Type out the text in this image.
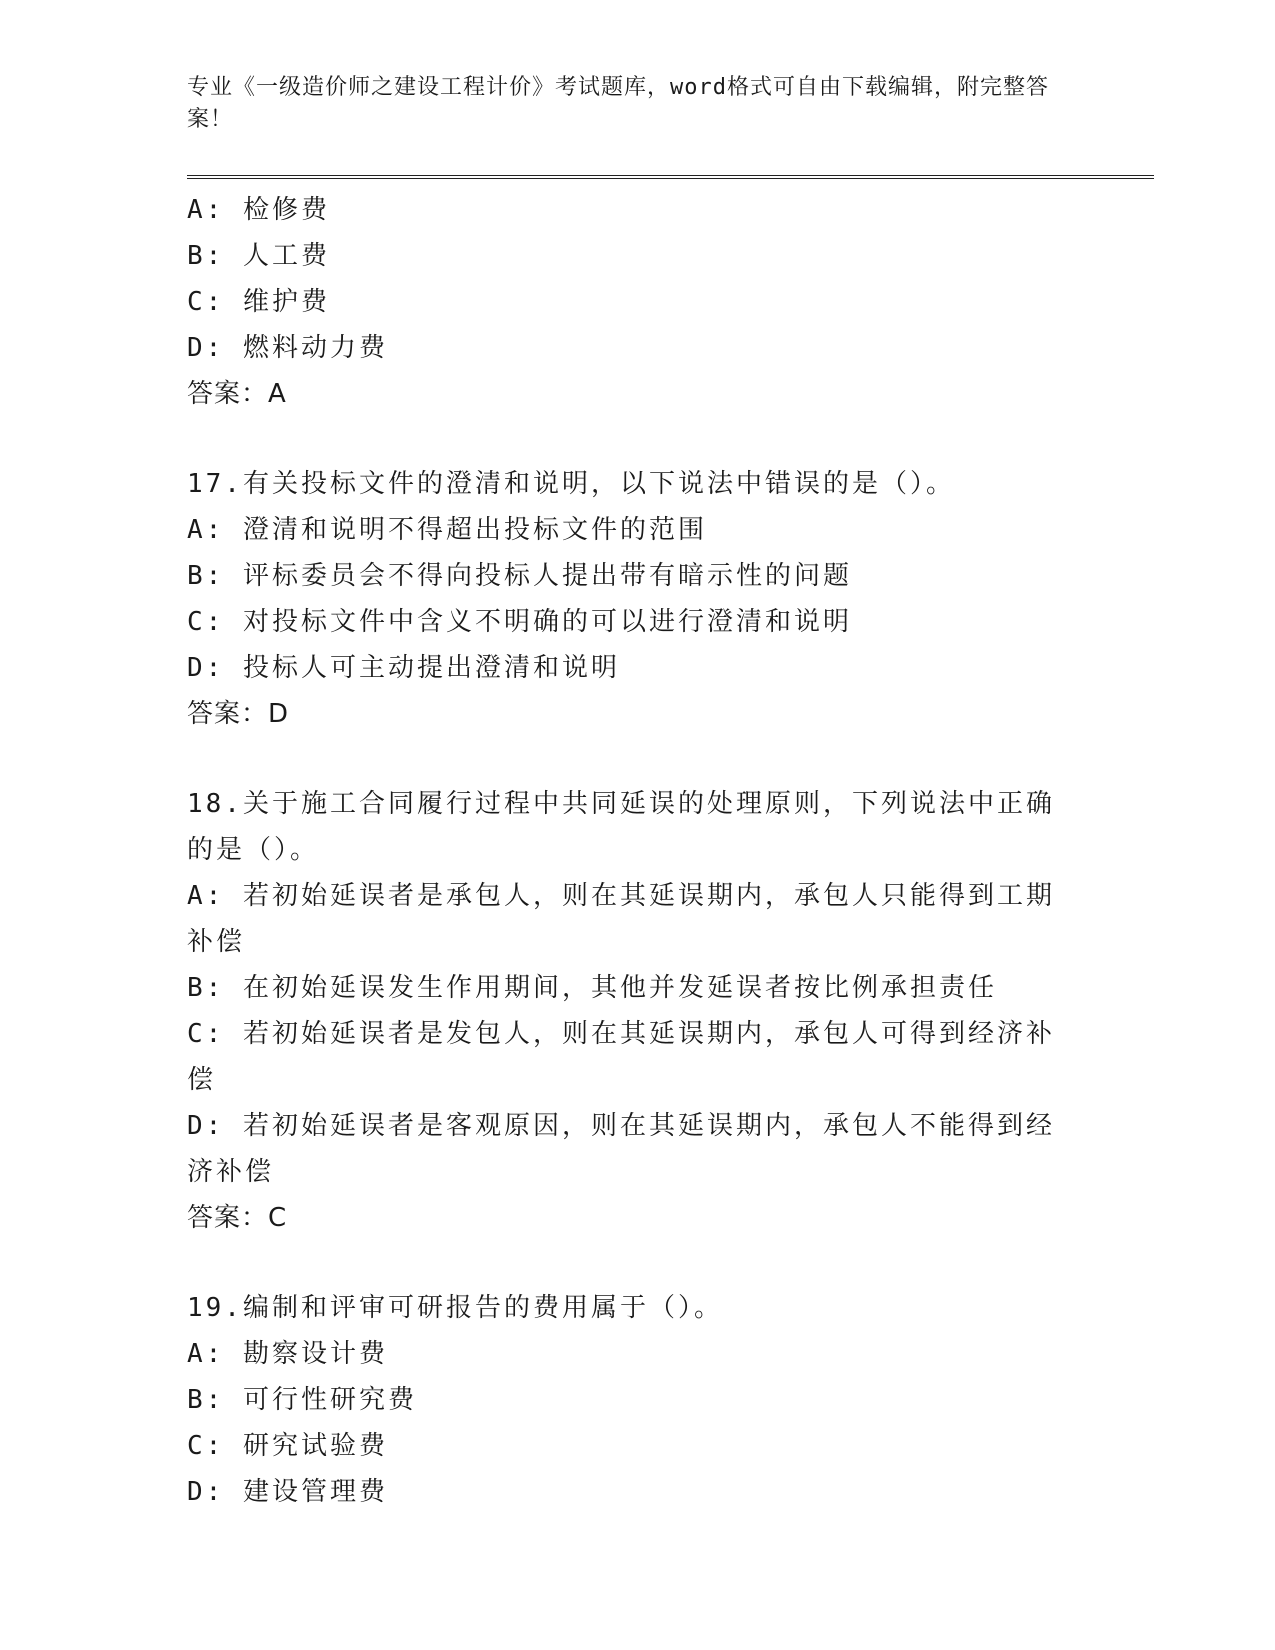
专业《一级造价师之建设工程计价》考试题库，word格式可自由下载编辑，附完整答案！
A: 检修费
B: 人工费
C: 维护费
D: 燃料动力费
答案：A
17.有关投标文件的澄清和说明，以下说法中错误的是（）。
A: 澄清和说明不得超出投标文件的范围
B: 评标委员会不得向投标人提出带有暗示性的问题
C: 对投标文件中含义不明确的可以进行澄清和说明
D: 投标人可主动提出澄清和说明
答案：D
18.关于施工合同履行过程中共同延误的处理原则，下列说法中正确的是（）。
A: 若初始延误者是承包人，则在其延误期内，承包人只能得到工期补偿
B: 在初始延误发生作用期间，其他并发延误者按比例承担责任
C: 若初始延误者是发包人，则在其延误期内，承包人可得到经济补偿
D: 若初始延误者是客观原因，则在其延误期内，承包人不能得到经济补偿
答案：C
19.编制和评审可研报告的费用属于（）。
A: 勘察设计费
B: 可行性研究费
C: 研究试验费
D: 建设管理费
